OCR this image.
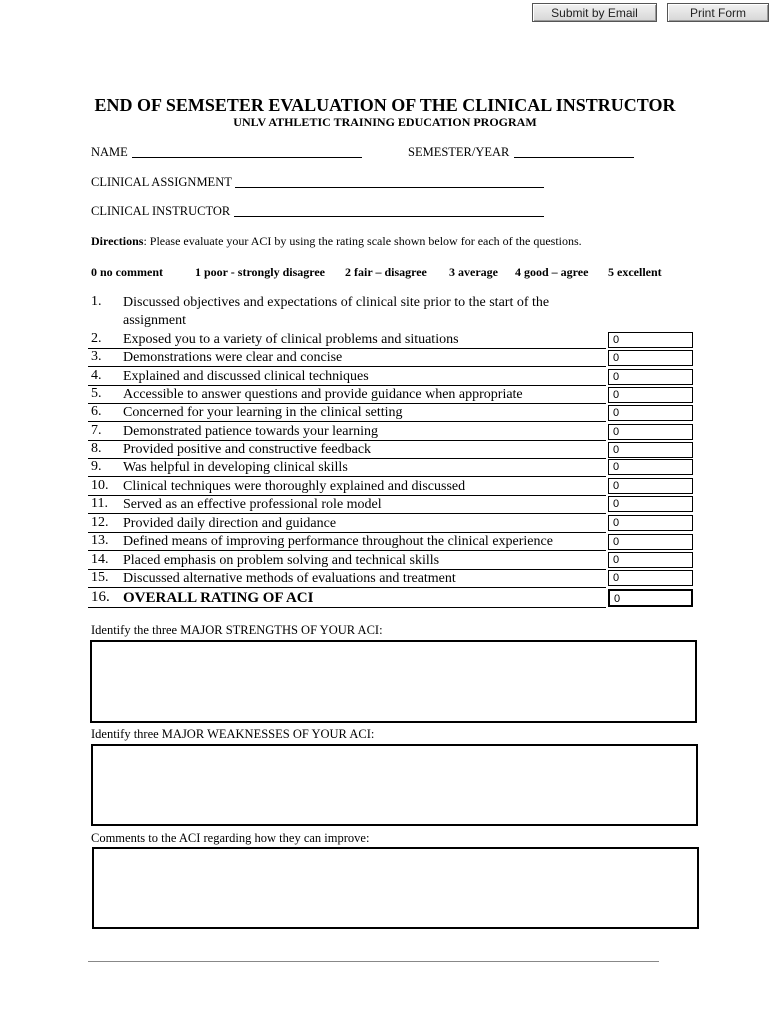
Submit by Email	Print Form
END OF SEMSETER EVALUATION OF THE CLINICAL INSTRUCTOR
UNLV ATHLETIC TRAINING EDUCATION PROGRAM
NAME	SEMESTER/YEAR
CLINICAL ASSIGNMENT
CLINICAL INSTRUCTOR
Directions: Please evaluate your ACI by using the rating scale shown below for each of the questions.
0 no comment	1 poor - strongly disagree 2 fair – disagree 3 average 4 good – agree 5 excellent
1. Discussed objectives and expectations of clinical site prior to the start of the assignment
2. Exposed you to a variety of clinical problems and situations	0
3. Demonstrations were clear and concise	0
4. Explained and discussed clinical techniques	0
5. Accessible to answer questions and provide guidance when appropriate	0
6. Concerned for your learning in the clinical setting	0
7. Demonstrated patience towards your learning	0
8. Provided positive and constructive feedback	0
9. Was helpful in developing clinical skills	0
10. Clinical techniques were thoroughly explained and discussed	0
11. Served as an effective professional role model	0
12. Provided daily direction and guidance	0
13. Defined means of improving performance throughout the clinical experience	0
14. Placed emphasis on problem solving and technical skills	0
15. Discussed alternative methods of evaluations and treatment	0
16. OVERALL RATING OF ACI	0
Identify the three MAJOR STRENGTHS OF YOUR ACI:
Identify three MAJOR WEAKNESSES OF YOUR ACI:
Comments to the ACI regarding how they can improve:
